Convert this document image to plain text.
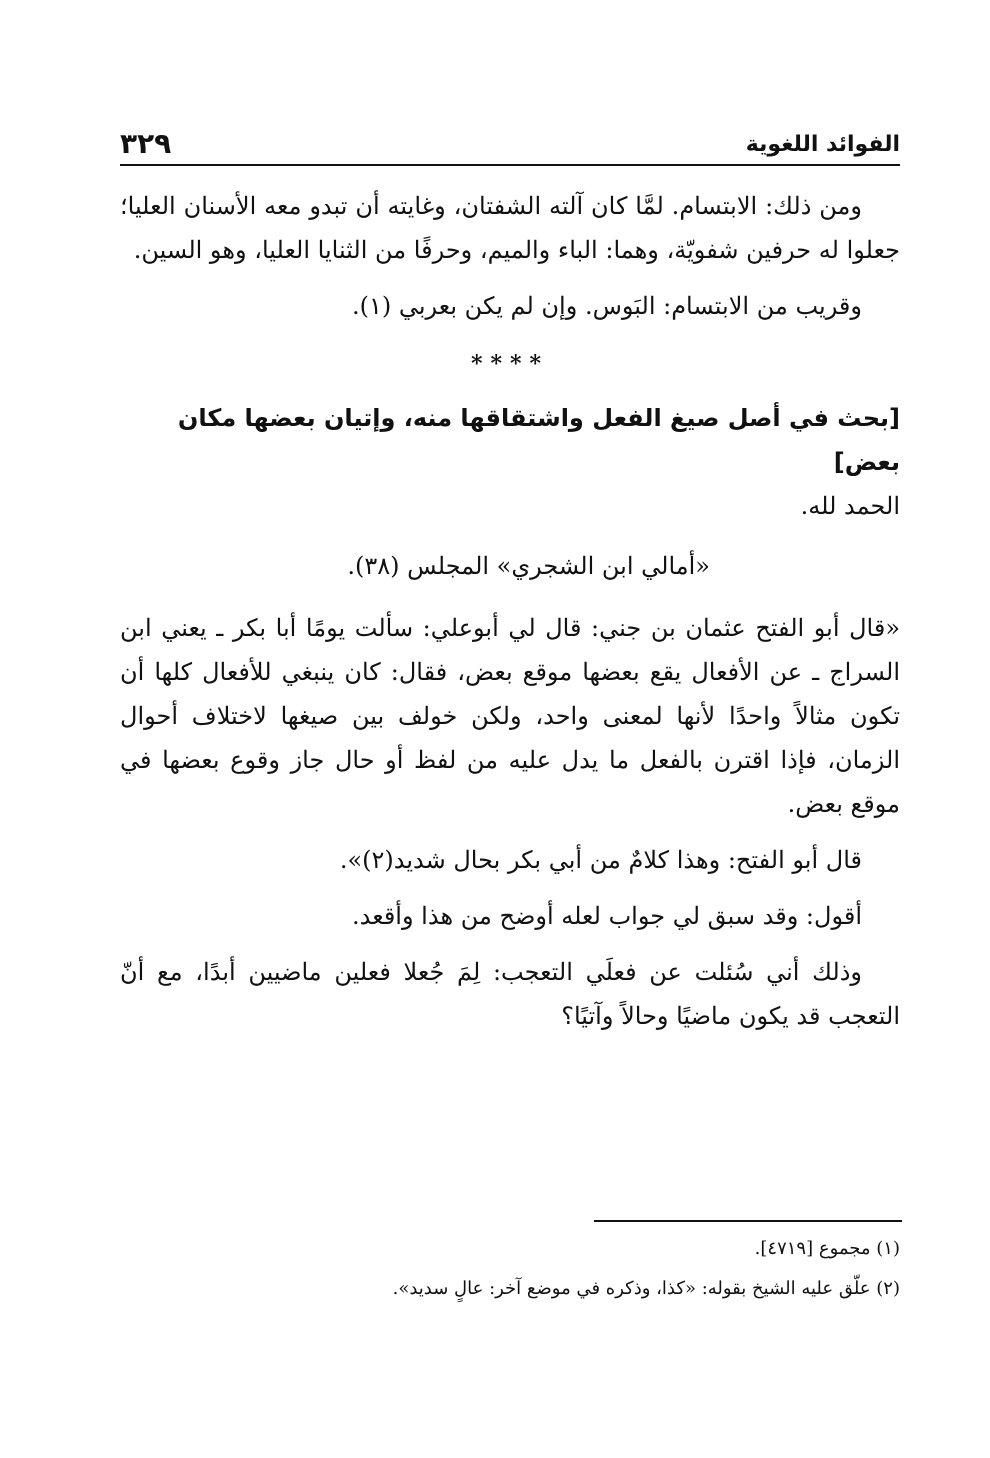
الفوائد اللغوية
٣٢٩

ومن ذلك: الابتسام. لمَّا كان آلته الشفتان، وغايته أن تبدو معه الأسنان العليا؛ جعلوا له حرفين شفويّة، وهما: الباء والميم، وحرفًا من الثنايا العليا، وهو السين.

وقريب من الابتسام: البَوس. وإن لم يكن بعربي (١).

****

[بحث في أصل صيغ الفعل واشتقاقها منه، وإتيان بعضها مكان بعض]

الحمد لله.

«أمالي ابن الشجري» المجلس (٣٨).

«قال أبو الفتح عثمان بن جني: قال لي أبوعلي: سألت يومًا أبا بكر ـ يعني ابن السراج ـ عن الأفعال يقع بعضها موقع بعض، فقال: كان ينبغي للأفعال كلها أن تكون مثالاً واحدًا لأنها لمعنى واحد، ولكن خولف بين صيغها لاختلاف أحوال الزمان، فإذا اقترن بالفعل ما يدل عليه من لفظ أو حال جاز وقوع بعضها في موقع بعض.

قال أبو الفتح: وهذا كلامٌ من أبي بكر بحال شديد(٢)».

أقول: وقد سبق لي جواب لعله أوضح من هذا وأقعد.

وذلك أني سُئلت عن فعلَي التعجب: لِمَ جُعلا فعلين ماضيين أبدًا، مع أنّ التعجب قد يكون ماضيًا وحالاً وآتيًا؟

(١) مجموع [٤٧١٩].

(٢) علّق عليه الشيخ بقوله: «كذا، وذكره في موضع آخر: عالٍ سديد».
